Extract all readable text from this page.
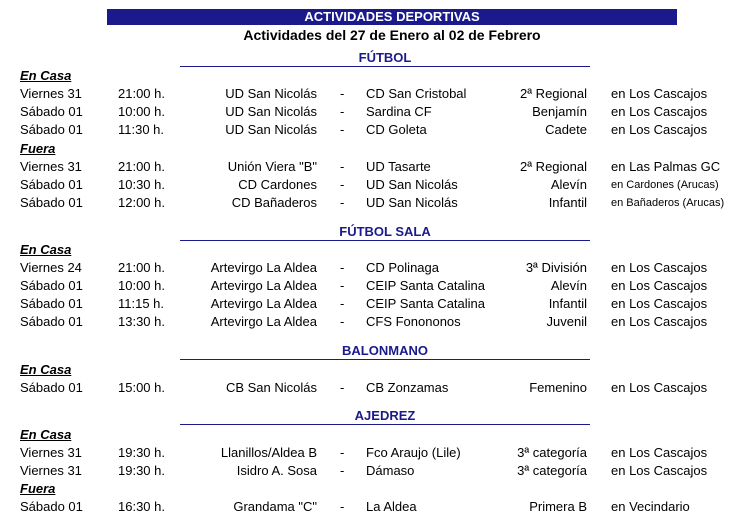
ACTIVIDADES DEPORTIVAS
Actividades del 27 de Enero al 02 de Febrero
FÚTBOL
En Casa
Viernes 31	21:00 h.	UD San Nicolás - CD San Cristobal	2ª Regional en Los Cascajos
Sábado 01	10:00 h.	UD San Nicolás - Sardina CF	Benjamín en Los Cascajos
Sábado 01	11:30 h.	UD San Nicolás - CD Goleta	Cadete en Los Cascajos
Fuera
Viernes 31	21:00 h.	Unión Viera "B" - UD Tasarte	2ª Regional en Las Palmas GC
Sábado 01	10:30 h.	CD Cardones - UD San Nicolás	Alevín en Cardones (Arucas)
Sábado 01	12:00 h.	CD Bañaderos - UD San Nicolás	Infantil en Bañaderos (Arucas)
FÚTBOL SALA
En Casa
Viernes 24	21:00 h.	Artevirgo La Aldea - CD Polinaga	3ª División en Los Cascajos
Sábado 01	10:00 h.	Artevirgo La Aldea - CEIP Santa Catalina	Alevín en Los Cascajos
Sábado 01	11:15 h.	Artevirgo La Aldea - CEIP Santa Catalina	Infantil en Los Cascajos
Sábado 01	13:30 h.	Artevirgo La Aldea - CFS Fonononos	Juvenil en Los Cascajos
BALONMANO
En Casa
Sábado 01	15:00 h.	CB San Nicolás - CB Zonzamas	Femenino en Los Cascajos
AJEDREZ
En Casa
Viernes 31	19:30 h.	Llanillos/Aldea B - Fco Araujo (Lile)	3ª categoría en Los Cascajos
Viernes 31	19:30 h.	Isidro A. Sosa - Dámaso	3ª categoría en Los Cascajos
Fuera
Sábado 01	16:30 h.	Grandama "C" - La Aldea	Primera B en Vecindario
